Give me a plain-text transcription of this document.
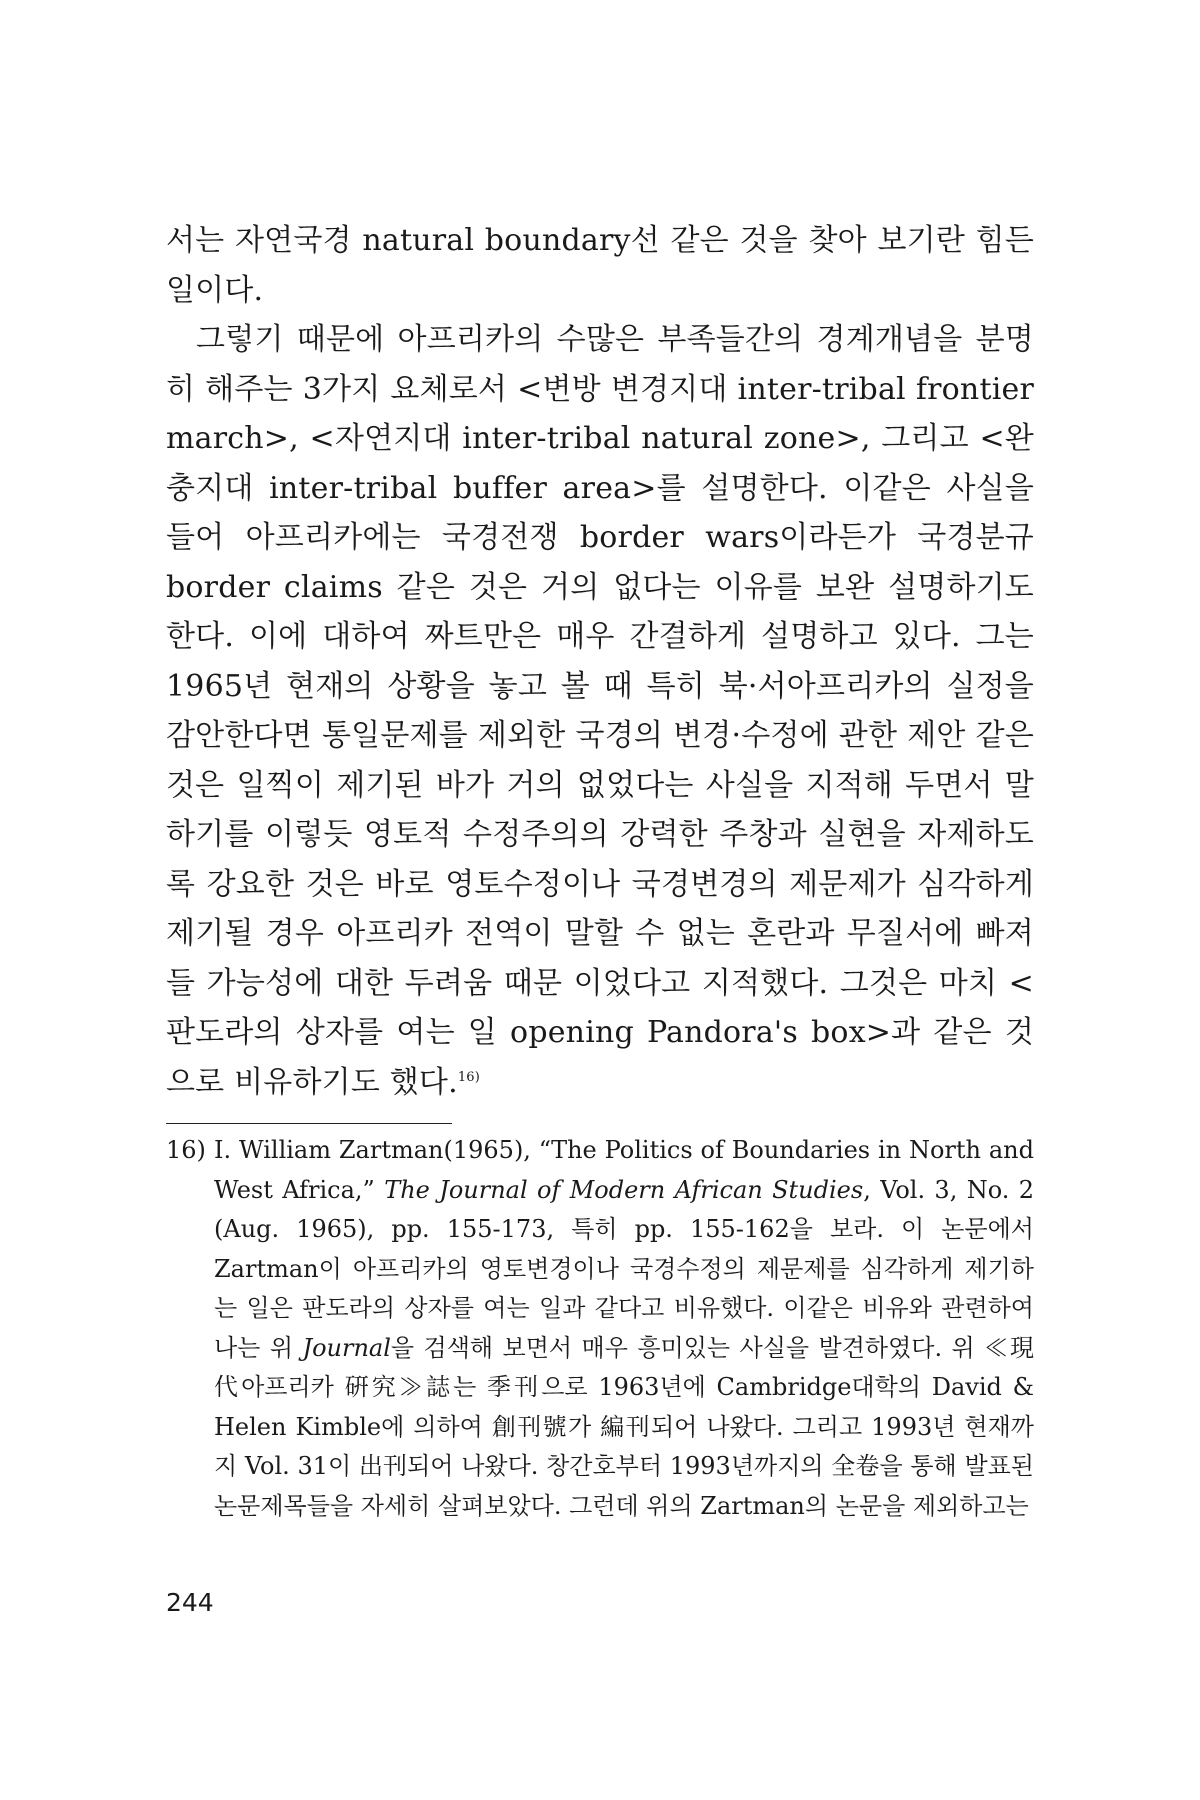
서는 자연국경 natural boundary선 같은 것을 찾아 보기란 힘든 일이다.

그렇기 때문에 아프리카의 수많은 부족들간의 경계개념을 분명히 해주는 3가지 요체로서 <변방 변경지대 inter-tribal frontier march>, <자연지대 inter-tribal natural zone>, 그리고 <완충지대 inter-tribal buffer area>를 설명한다. 이같은 사실을 들어 아프리카에는 국경전쟁 border wars이라든가 국경분규 border claims 같은 것은 거의 없다는 이유를 보완 설명하기도 한다. 이에 대하여 짜트만은 매우 간결하게 설명하고 있다. 그는 1965년 현재의 상황을 놓고 볼 때 특히 북·서아프리카의 실정을 감안한다면 통일문제를 제외한 국경의 변경·수정에 관한 제안 같은 것은 일찍이 제기된 바가 거의 없었다는 사실을 지적해 두면서 말하기를 이렇듯 영토적 수정주의의 강력한 주창과 실현을 자제하도록 강요한 것은 바로 영토수정이나 국경변경의 제문제가 심각하게 제기될 경우 아프리카 전역이 말할 수 없는 혼란과 무질서에 빠져들 가능성에 대한 두려움 때문 이었다고 지적했다. 그것은 마치 <판도라의 상자를 여는 일 opening Pandora's box>과 같은 것으로 비유하기도 했다.$^{16)}$

16) I. William Zartman(1965), “The Politics of Boundaries in North and West Africa,” The Journal of Modern African Studies, Vol. 3, No. 2 (Aug. 1965), pp. 155-173, 특히 pp. 155-162을 보라. 이 논문에서 Zartman이 아프리카의 영토변경이나 국경수정의 제문제를 심각하게 제기하는 일은 판도라의 상자를 여는 일과 같다고 비유했다. 이같은 비유와 관련하여 나는 위 Journal을 검색해 보면서 매우 흥미있는 사실을 발견하였다. 위 ≪現代아프리카 硏究≫誌는 季刊으로 1963년에 Cambridge대학의 David & Helen Kimble에 의하여 創刊號가 編刊되어 나왔다. 그리고 1993년 현재까지 Vol. 31이 出刊되어 나왔다. 창간호부터 1993년까지의 全卷을 통해 발표된 논문제목들을 자세히 살펴보았다. 그런데 위의 Zartman의 논문을 제외하고는

244
